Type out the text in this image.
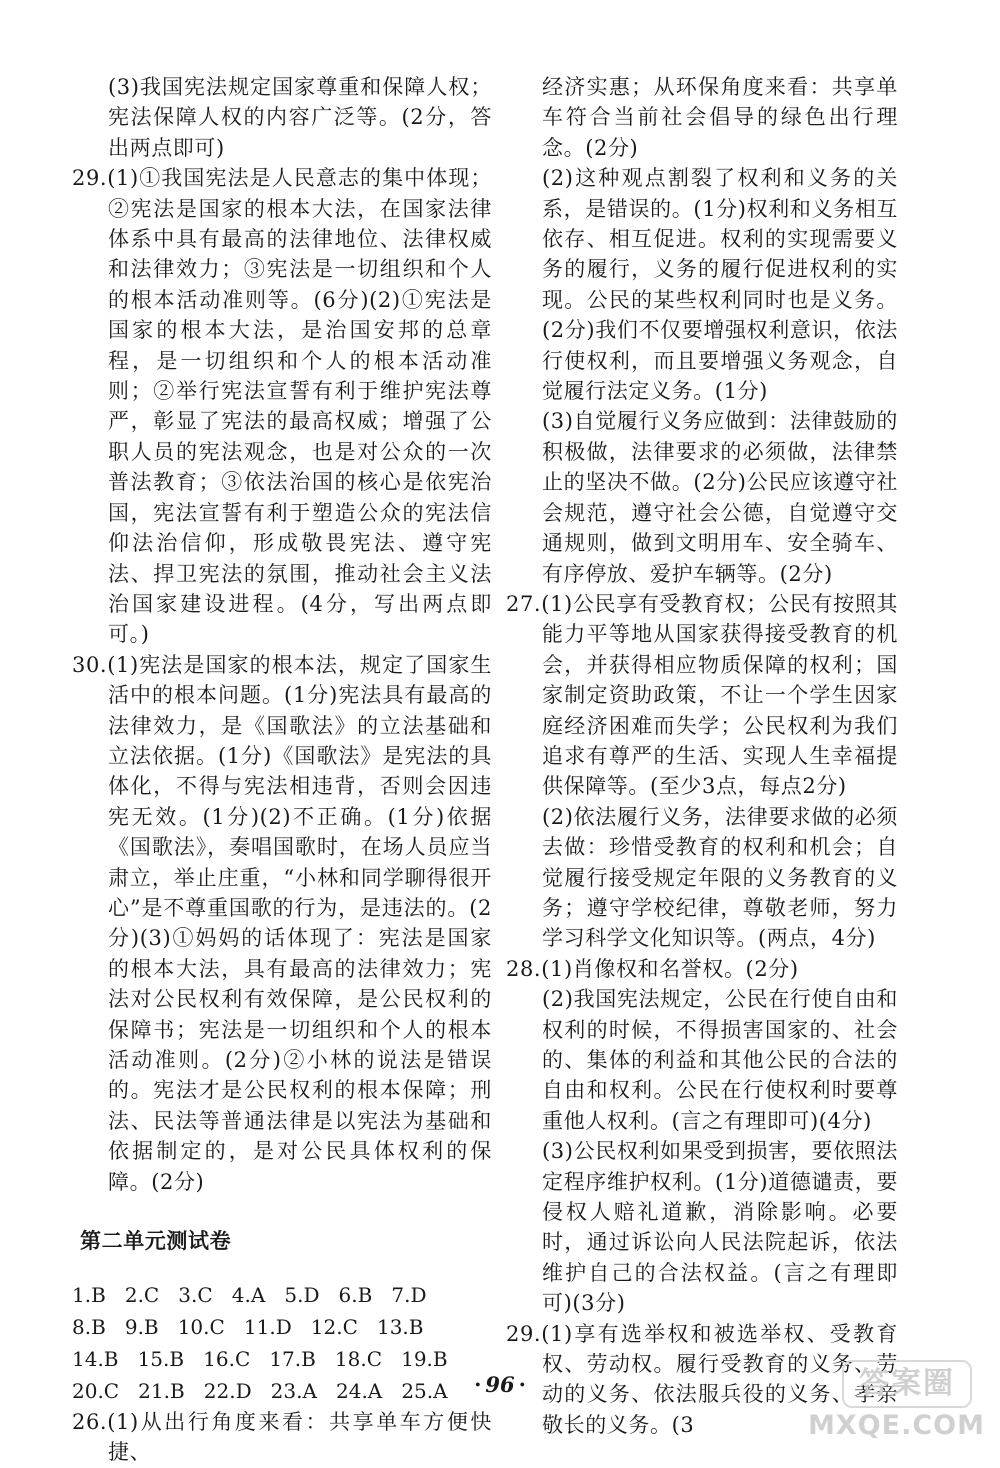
(3)我国宪法规定国家尊重和保障人权；宪法保障人权的内容广泛等。(2分，答出两点即可)

29.(1)①我国宪法是人民意志的集中体现；②宪法是国家的根本大法，在国家法律体系中具有最高的法律地位、法律权威和法律效力；③宪法是一切组织和个人的根本活动准则等。(6分)(2)①宪法是国家的根本大法，是治国安邦的总章程，是一切组织和个人的根本活动准则；②举行宪法宣誓有利于维护宪法尊严，彰显了宪法的最高权威；增强了公职人员的宪法观念，也是对公众的一次普法教育；③依法治国的核心是依宪治国，宪法宣誓有利于塑造公众的宪法信仰法治信仰，形成敬畏宪法、遵守宪法、捍卫宪法的氛围，推动社会主义法治国家建设进程。(4分，写出两点即可。)

30.(1)宪法是国家的根本法，规定了国家生活中的根本问题。(1分)宪法具有最高的法律效力，是《国歌法》的立法基础和立法依据。(1分)《国歌法》是宪法的具体化，不得与宪法相违背，否则会因违宪无效。(1分)(2)不正确。(1分)依据《国歌法》，奏唱国歌时，在场人员应当肃立，举止庄重，“小林和同学聊得很开心”是不尊重国歌的行为，是违法的。(2分)(3)①妈妈的话体现了：宪法是国家的根本大法，具有最高的法律效力；宪法对公民权利有效保障，是公民权利的保障书；宪法是一切组织和个人的根本活动准则。(2分)②小林的说法是错误的。宪法才是公民权利的根本保障；刑法、民法等普通法律是以宪法为基础和依据制定的，是对公民具体权利的保障。(2分)

第二单元测试卷

1.B   2.C   3.C   4.A   5.D   6.B   7.D

8.B   9.B   10.C   11.D   12.C   13.B

14.B   15.B   16.C   17.B   18.C   19.B

20.C   21.B   22.D   23.A   24.A   25.A

26.(1)从出行角度来看：共享单车方便快捷、

经济实惠；从环保角度来看：共享单车符合当前社会倡导的绿色出行理念。(2分)

(2)这种观点割裂了权利和义务的关系，是错误的。(1分)权利和义务相互依存、相互促进。权利的实现需要义务的履行，义务的履行促进权利的实现。公民的某些权利同时也是义务。(2分)我们不仅要增强权利意识，依法行使权利，而且要增强义务观念，自觉履行法定义务。(1分)

(3)自觉履行义务应做到：法律鼓励的积极做，法律要求的必须做，法律禁止的坚决不做。(2分)公民应该遵守社会规范，遵守社会公德，自觉遵守交通规则，做到文明用车、安全骑车、有序停放、爱护车辆等。(2分)

27.(1)公民享有受教育权；公民有按照其能力平等地从国家获得接受教育的机会，并获得相应物质保障的权利；国家制定资助政策，不让一个学生因家庭经济困难而失学；公民权利为我们追求有尊严的生活、实现人生幸福提供保障等。(至少3点，每点2分)

(2)依法履行义务，法律要求做的必须去做：珍惜受教育的权利和机会；自觉履行接受规定年限的义务教育的义务；遵守学校纪律，尊敬老师，努力学习科学文化知识等。(两点，4分)

28.(1)肖像权和名誉权。(2分)

(2)我国宪法规定，公民在行使自由和权利的时候，不得损害国家的、社会的、集体的利益和其他公民的合法的自由和权利。公民在行使权利时要尊重他人权利。(言之有理即可)(4分)

(3)公民权利如果受到损害，要依照法定程序维护权利。(1分)道德谴责，要侵权人赔礼道歉，消除影响。必要时，通过诉讼向人民法院起诉，依法维护自己的合法权益。(言之有理即可)(3分)

29.(1)享有选举权和被选举权、受教育权、劳动权。履行受教育的义务、劳动的义务、依法服兵役的义务、孝亲敬长的义务。(3

· 96 ·	答案圈
MXQE.COM
